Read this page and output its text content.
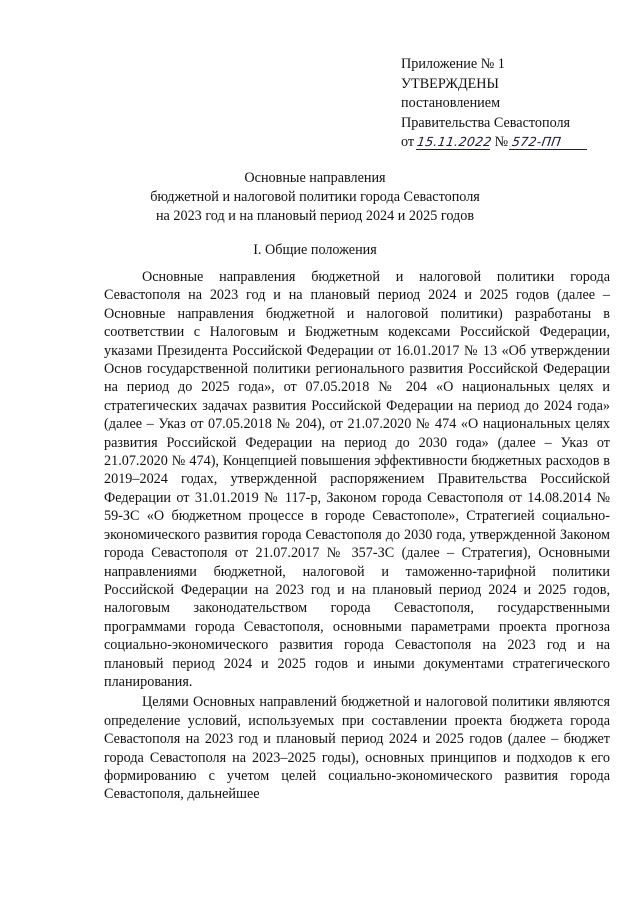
Приложение № 1
УТВЕРЖДЕНЫ
постановлением
Правительства Севастополя
от 15.11.2022 № 572-ПП
Основные направления
бюджетной и налоговой политики города Севастополя
на 2023 год и на плановый период 2024 и 2025 годов
I. Общие положения

Основные направления бюджетной и налоговой политики города Севастополя на 2023 год и на плановый период 2024 и 2025 годов (далее – Основные направления бюджетной и налоговой политики) разработаны в соответствии с Налоговым и Бюджетным кодексами Российской Федерации, указами Президента Российской Федерации от 16.01.2017 № 13 «Об утверждении Основ государственной политики регионального развития Российской Федерации на период до 2025 года», от 07.05.2018 № 204 «О национальных целях и стратегических задачах развития Российской Федерации на период до 2024 года» (далее – Указ от 07.05.2018 № 204), от 21.07.2020 № 474 «О национальных целях развития Российской Федерации на период до 2030 года» (далее – Указ от 21.07.2020 № 474), Концепцией повышения эффективности бюджетных расходов в 2019–2024 годах, утвержденной распоряжением Правительства Российской Федерации от 31.01.2019 № 117-р, Законом города Севастополя от 14.08.2014 № 59-ЗС «О бюджетном процессе в городе Севастополе», Стратегией социально-экономического развития города Севастополя до 2030 года, утвержденной Законом города Севастополя от 21.07.2017 № 357-ЗС (далее – Стратегия), Основными направлениями бюджетной, налоговой и таможенно-тарифной политики Российской Федерации на 2023 год и на плановый период 2024 и 2025 годов, налоговым законодательством города Севастополя, государственными программами города Севастополя, основными параметрами проекта прогноза социально-экономического развития города Севастополя на 2023 год и на плановый период 2024 и 2025 годов и иными документами стратегического планирования.

Целями Основных направлений бюджетной и налоговой политики являются определение условий, используемых при составлении проекта бюджета города Севастополя на 2023 год и плановый период 2024 и 2025 годов (далее – бюджет города Севастополя на 2023–2025 годы), основных принципов и подходов к его формированию с учетом целей социально-экономического развития города Севастополя, дальнейшее
